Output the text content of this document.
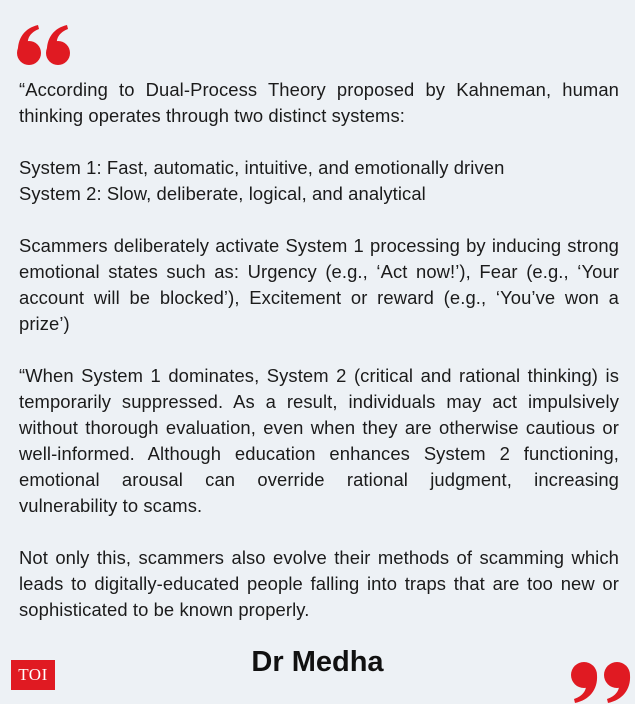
“According to Dual-Process Theory proposed by Kahneman, human thinking operates through two distinct systems:

System 1: Fast, automatic, intuitive, and emotionally driven
System 2: Slow, deliberate, logical, and analytical

Scammers deliberately activate System 1 processing by inducing strong emotional states such as: Urgency (e.g., ‘Act now!’), Fear (e.g., ‘Your account will be blocked’), Excitement or reward (e.g., ‘You’ve won a prize’)

“When System 1 dominates, System 2 (critical and rational thinking) is temporarily suppressed. As a result, individuals may act impulsively without thorough evaluation, even when they are otherwise cautious or well-informed. Although education enhances System 2 functioning, emotional arousal can override rational judgment, increasing vulnerability to scams.

Not only this, scammers also evolve their methods of scamming which leads to digitally-educated people falling into traps that are too new or sophisticated to be known properly.

TOI	Dr Medha
